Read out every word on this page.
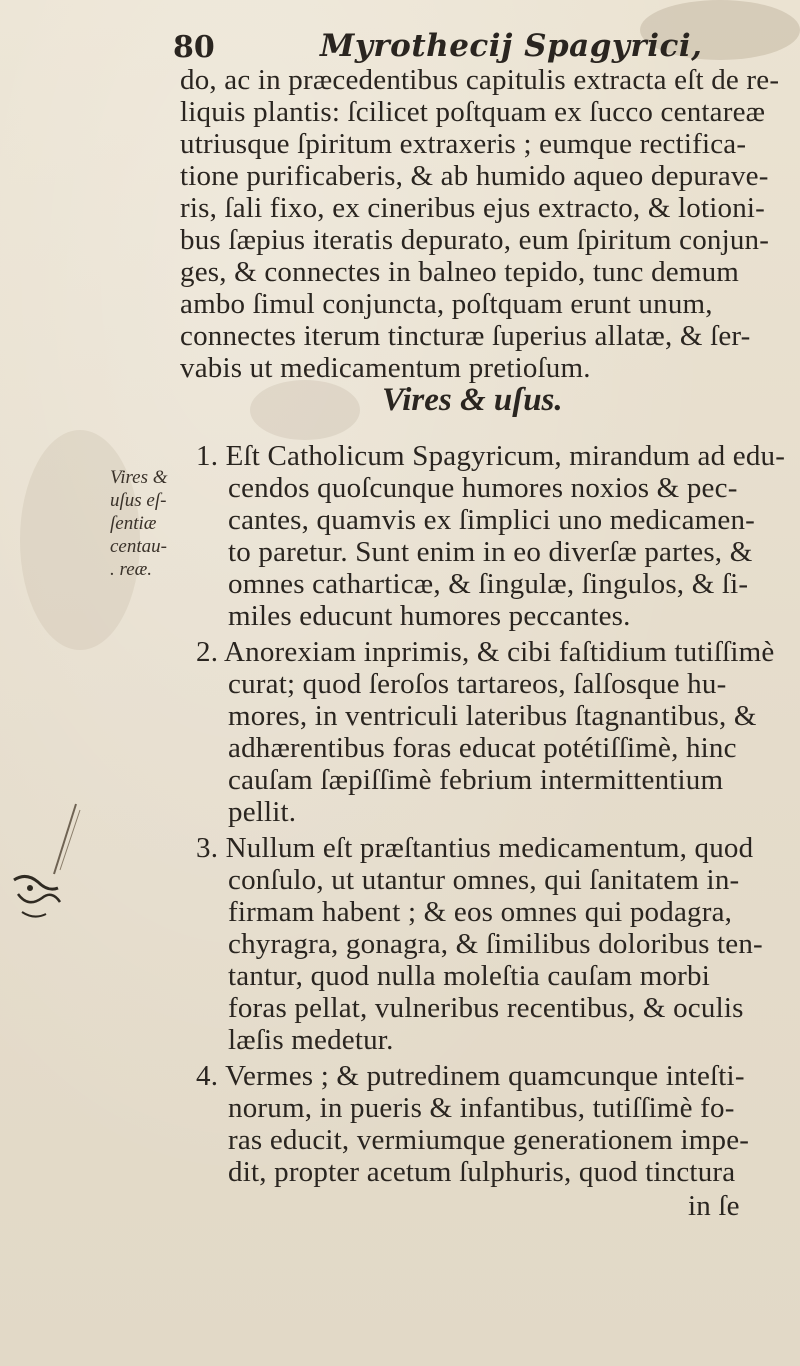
80	Myrothecij Spagyrici,
do, ac in præcedentibus capitulis extracta eſt de re-
liquis plantis: ſcilicet poſtquam ex ſucco centareæ
utriusque ſpiritum extraxeris ; eumque rectifica-
tione purificaberis, & ab humido aqueo depurave-
ris, ſali fixo, ex cineribus ejus extracto, & lotioni-
bus ſæpius iteratis depurato, eum ſpiritum conjun-
ges, & connectes in balneo tepido, tunc demum
ambo ſimul conjuncta, poſtquam erunt unum,
connectes iterum tincturæ ſuperius allatæ, & ſer-
vabis ut medicamentum pretioſum.
Vires & uſus.
Vires &
uſus eſ-
ſentiæ
centau-
. reæ.
1. Eſt Catholicum Spagyricum, mirandum ad edu-
cendos quoſcunque humores noxios & pec-
cantes, quamvis ex ſimplici uno medicamen-
to paretur. Sunt enim in eo diverſæ partes, &
omnes catharticæ, & ſingulæ, ſingulos, & ſi-
miles educunt humores peccantes.
2. Anorexiam inprimis, & cibi faſtidium tutiſſimè
curat; quod ſeroſos tartareos, ſalſosque hu-
mores, in ventriculi lateribus ſtagnantibus, &
adhærentibus foras educat potétiſſimè, hinc
cauſam ſæpiſſimè febrium intermittentium
pellit.
3. Nullum eſt præſtantius medicamentum, quod
conſulo, ut utantur omnes, qui ſanitatem in-
firmam habent ; & eos omnes qui podagra,
chyragra, gonagra, & ſimilibus doloribus ten-
tantur, quod nulla moleſtia cauſam morbi
foras pellat, vulneribus recentibus, & oculis
læſis medetur.
4. Vermes ; & putredinem quamcunque inteſti-
norum, in pueris & infantibus, tutiſſimè fo-
ras educit, vermiumque generationem impe-
dit, propter acetum ſulphuris, quod tinctura
in ſe
